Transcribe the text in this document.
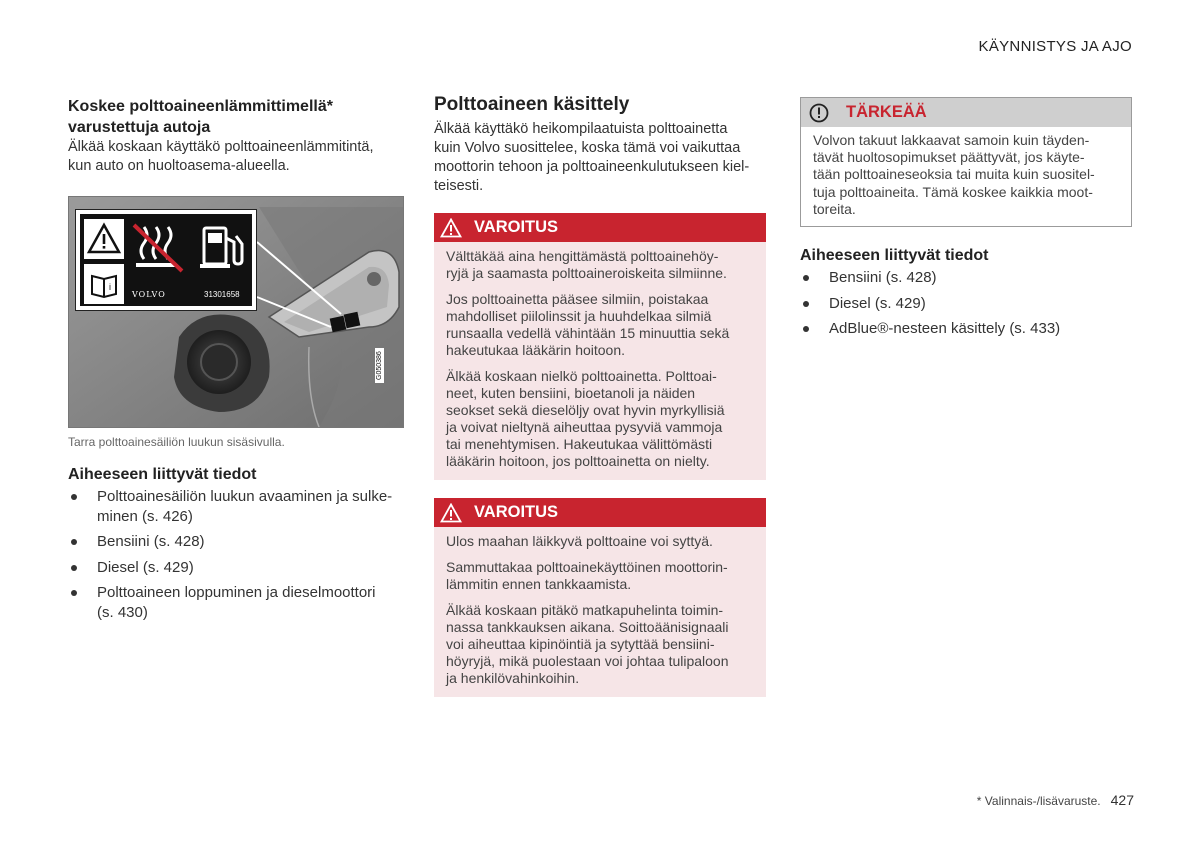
KÄYNNISTYS JA AJO
Koskee polttoaineenlämmittimellä*
varustettuja autoja

Älkää koskaan käyttäkö polttoaineenlämmitintä,

kun auto on huoltoasema-alueella.

i
VOLVO	31301658
G050386
Tarra polttoainesäiliön luukun sisäsivulla.
Aiheeseen liittyvät tiedot
Polttoainesäiliön luukun avaaminen ja sulke-
minen (s. 426)
Bensiini (s. 428)
Diesel (s. 429)
Polttoaineen loppuminen ja dieselmoottori
(s. 430)
Polttoaineen käsittely

Älkää käyttäkö heikompilaatuista polttoainetta

kuin Volvo suosittelee, koska tämä voi vaikuttaa

moottorin tehoon ja polttoaineenkulutukseen kiel-

teisesti.

VAROITUS

Välttäkää aina hengittämästä polttoainehöy-
ryjä ja saamasta polttoaineroiskeita silmiinne.

Jos polttoainetta pääsee silmiin, poistakaa
mahdolliset piilolinssit ja huuhdelkaa silmiä
runsaalla vedellä vähintään 15 minuuttia sekä
hakeutukaa lääkärin hoitoon.

Älkää koskaan nielkö polttoainetta. Polttoai-
neet, kuten bensiini, bioetanoli ja näiden
seokset sekä dieselöljy ovat hyvin myrkyllisiä
ja voivat nieltynä aiheuttaa pysyviä vammoja
tai menehtymisen. Hakeutukaa välittömästi
lääkärin hoitoon, jos polttoainetta on nielty.

VAROITUS

Ulos maahan läikkyvä polttoaine voi syttyä.

Sammuttakaa polttoainekäyttöinen moottorin-
lämmitin ennen tankkaamista.

Älkää koskaan pitäkö matkapuhelinta toimin-
nassa tankkauksen aikana. Soittoäänisignaali
voi aiheuttaa kipinöintiä ja sytyttää bensiini-
höyryjä, mikä puolestaan voi johtaa tulipaloon
ja henkilövahinkoihin.

TÄRKEÄÄ
Volvon takuut lakkaavat samoin kuin täyden-
tävät huoltosopimukset päättyvät, jos käyte-
tään polttoaineseoksia tai muita kuin suositel-
tuja polttoaineita. Tämä koskee kaikkia moot-
toreita.
Aiheeseen liittyvät tiedot
Bensiini (s. 428)
Diesel (s. 429)
AdBlue®-nesteen käsittely (s. 433)
* Valinnais-/lisävaruste. 427
